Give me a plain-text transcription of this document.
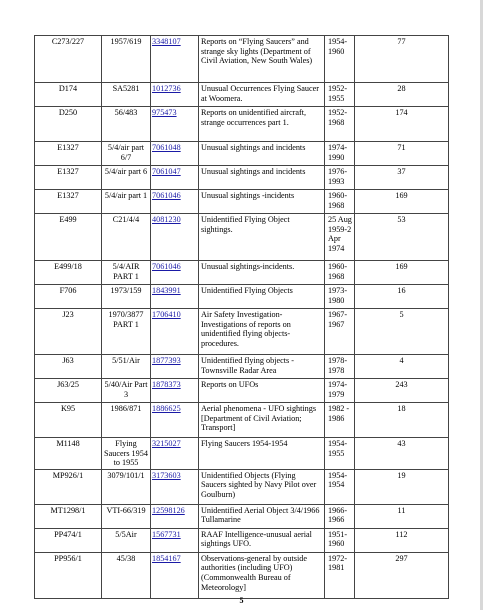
C273/227	1957/619	3348107	Reports on “Flying Saucers” and strange sky lights (Department of Civil Aviation, New South Wales)	1954-1960	77
D174	SA5281	1012736	Unusual Occurrences Flying Saucer at Woomera.	1952-1955	28
D250	56/483	975473	Reports on unidentified aircraft, strange occurrences part 1.	1952-1968	174
E1327	5/4/air part 6/7	7061048	Unusual sightings and incidents	1974-1990	71
E1327	5/4/air part 6	7061047	Unusual sightings and incidents	1976-1993	37
E1327	5/4/air part 1	7061046	Unusual sightings -incidents	1960-1968	169
E499	C21/4/4	4081230	Unidentified Flying Object sightings.	25 Aug 1959-2 Apr 1974	53
E499/18	5/4/AIR PART 1	7061046	Unusual sightings-incidents.	1960-1968	169
F706	1973/159	1843991	Unidentified Flying Objects	1973-1980	16
J23	1970/3877 PART 1	1706410	Air Safety Investigation-Investigations of reports on unidentified flying objects-procedures.	1967-1967	5
J63	5/51/Air	1877393	Unidentified flying objects - Townsville Radar Area	1978-1978	4
J63/25	5/40/Air Part 3	1878373	Reports on UFOs	1974-1979	243
K95	1986/871	1886625	Aerial phenomena - UFO sightings [Department of Civil Aviation; Transport]	1982 - 1986	18
M1148	Flying Saucers 1954 to 1955	3215027	Flying Saucers 1954-1954	1954-1955	43
MP926/1	3079/101/1	3173603	Unidentified Objects (Flying Saucers sighted by Navy Pilot over Goulburn)	1954-1954	19
MT1298/1	VTI-66/319	12598126	Unidentified Aerial Object 3/4/1966 Tullamarine	1966-1966	11
PP474/1	5/5Air	1567731	RAAF Intelligence-unusual aerial sightings UFO.	1951-1960	112
PP956/1	45/38	1854167	Observations-general by outside authorities (including UFO) (Commonwealth Bureau of Meteorology]	1972-1981	297
5
